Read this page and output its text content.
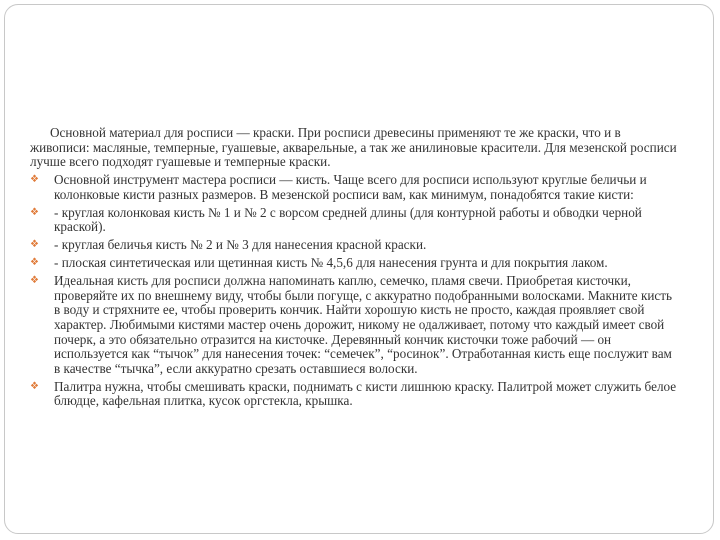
Основной материал для росписи — краски. При росписи древесины применяют те же краски, что и в живописи: масляные, темперные, гуашевые, акварельные, а так же анилиновые красители. Для мезенской росписи лучше всего подходят гуашевые и темперные краски.
❖ Основной инструмент мастера росписи — кисть. Чаще всего для росписи используют круглые беличьи и колонковые кисти разных размеров. В мезенской росписи вам, как минимум, понадобятся такие кисти:
❖ - круглая колонковая кисть № 1 и № 2 с ворсом средней длины (для контурной работы и обводки черной краской).
❖ - круглая беличья кисть № 2 и № 3 для нанесения красной краски.
❖ - плоская синтетическая или щетинная кисть № 4,5,6 для нанесения грунта и для покрытия лаком.
❖ Идеальная кисть для росписи должна напоминать каплю, семечко, пламя свечи. Приобретая кисточки, проверяйте их по внешнему виду, чтобы были погуще, с аккуратно подобранными волосками. Макните кисть в воду и стряхните ее, чтобы проверить кончик. Найти хорошую кисть не просто, каждая проявляет свой характер. Любимыми кистями мастер очень дорожит, никому не одалживает, потому что каждый имеет свой почерк, а это обязательно отразится на кисточке. Деревянный кончик кисточки тоже рабочий — он используется как “тычок” для нанесения точек: “семечек”, “росинок”. Отработанная кисть еще послужит вам в качестве “тычка”, если аккуратно срезать оставшиеся волоски.
❖ Палитра нужна, чтобы смешивать краски, поднимать с кисти лишнюю краску. Палитрой может служить белое блюдце, кафельная плитка, кусок оргстекла, крышка.
